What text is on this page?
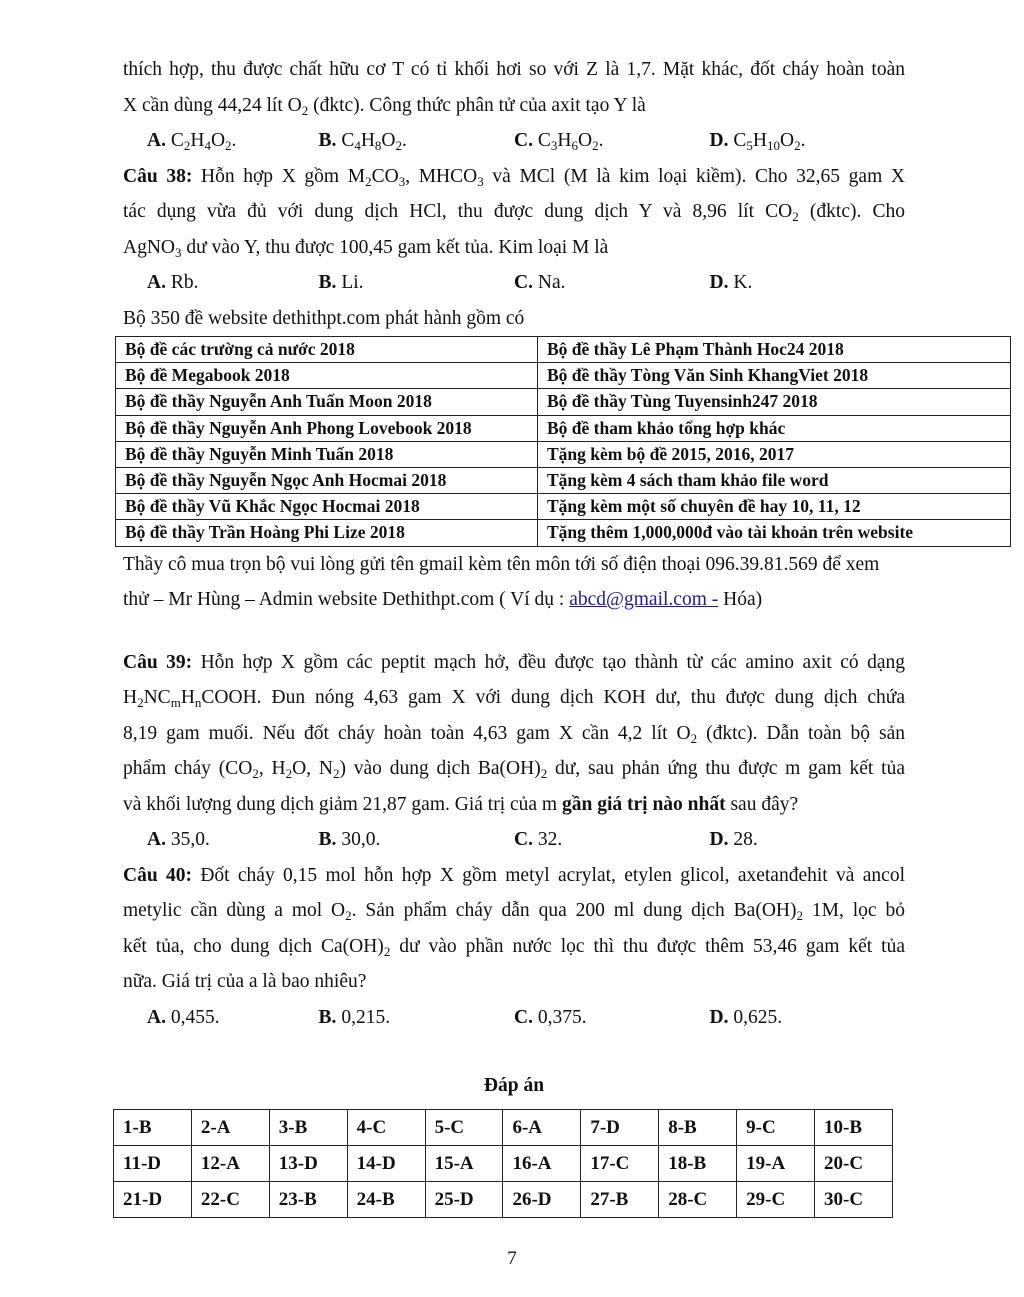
thích hợp, thu được chất hữu cơ T có tỉ khối hơi so với Z là 1,7. Mặt khác, đốt cháy hoàn toàn
X cần dùng 44,24 lít $O_2$ (đktc). Công thức phân tử của axit tạo Y là
A. $C_2H_4O_2$.	B. $C_4H_8O_2$.	C. $C_3H_6O_2$.	D. $C_5H_{10}O_2$.
Câu 38: Hỗn hợp X gồm $M_2CO_3$, $MHCO_3$ và MCl (M là kim loại kiềm). Cho 32,65 gam X
tác dụng vừa đủ với dung dịch HCl, thu được dung dịch Y và 8,96 lít $CO_2$ (đktc). Cho
AgNO$_3$ dư vào Y, thu được 100,45 gam kết tủa. Kim loại M là
A. Rb.	B. Li.	C. Na.	D. K.
Bộ 350 đề website dethithpt.com phát hành gồm có
Bộ đề các trường cả nước 2018	Bộ đề thầy Lê Phạm Thành Hoc24 2018
Bộ đề Megabook 2018	Bộ đề thầy Tòng Văn Sinh KhangViet 2018
Bộ đề thầy Nguyễn Anh Tuấn Moon 2018	Bộ đề thầy Tùng Tuyensinh247 2018
Bộ đề thầy Nguyễn Anh Phong Lovebook 2018	Bộ đề tham khảo tổng hợp khác
Bộ đề thầy Nguyễn Minh Tuấn 2018	Tặng kèm bộ đề 2015, 2016, 2017
Bộ đề thầy Nguyễn Ngọc Anh Hocmai 2018	Tặng kèm 4 sách tham khảo file word
Bộ đề thầy Vũ Khắc Ngọc Hocmai 2018	Tặng kèm một số chuyên đề hay 10, 11, 12
Bộ đề thầy Trần Hoàng Phi Lize 2018	Tặng thêm 1,000,000đ vào tài khoản trên website
Thầy cô mua trọn bộ vui lòng gửi tên gmail kèm tên môn tới số điện thoại 096.39.81.569 để xem
thử – Mr Hùng – Admin website Dethithpt.com ( Ví dụ : abcd@gmail.com - Hóa)
Câu 39: Hỗn hợp X gồm các peptit mạch hở, đều được tạo thành từ các amino axit có dạng
$H_2NC_mH_nCOOH$. Đun nóng 4,63 gam X với dung dịch KOH dư, thu được dung dịch chứa
8,19 gam muối. Nếu đốt cháy hoàn toàn 4,63 gam X cần 4,2 lít $O_2$ (đktc). Dẫn toàn bộ sản
phẩm cháy ($CO_2$, $H_2O$, $N_2$) vào dung dịch $Ba(OH)_2$ dư, sau phản ứng thu được m gam kết tủa
và khối lượng dung dịch giảm 21,87 gam. Giá trị của m gần giá trị nào nhất sau đây?
A. 35,0.	B. 30,0.	C. 32.	D. 28.
Câu 40: Đốt cháy 0,15 mol hỗn hợp X gồm metyl acrylat, etylen glicol, axetanđehit và ancol
metylic cần dùng a mol $O_2$. Sản phẩm cháy dẫn qua 200 ml dung dịch $Ba(OH)_2$ 1M, lọc bỏ
kết tủa, cho dung dịch $Ca(OH)_2$ dư vào phần nước lọc thì thu được thêm 53,46 gam kết tủa
nữa. Giá trị của a là bao nhiêu?
A. 0,455.	B. 0,215.	C. 0,375.	D. 0,625.
Đáp án
1-B	2-A	3-B	4-C	5-C	6-A	7-D	8-B	9-C	10-B
11-D	12-A	13-D	14-D	15-A	16-A	17-C	18-B	19-A	20-C
21-D	22-C	23-B	24-B	25-D	26-D	27-B	28-C	29-C	30-C
7
